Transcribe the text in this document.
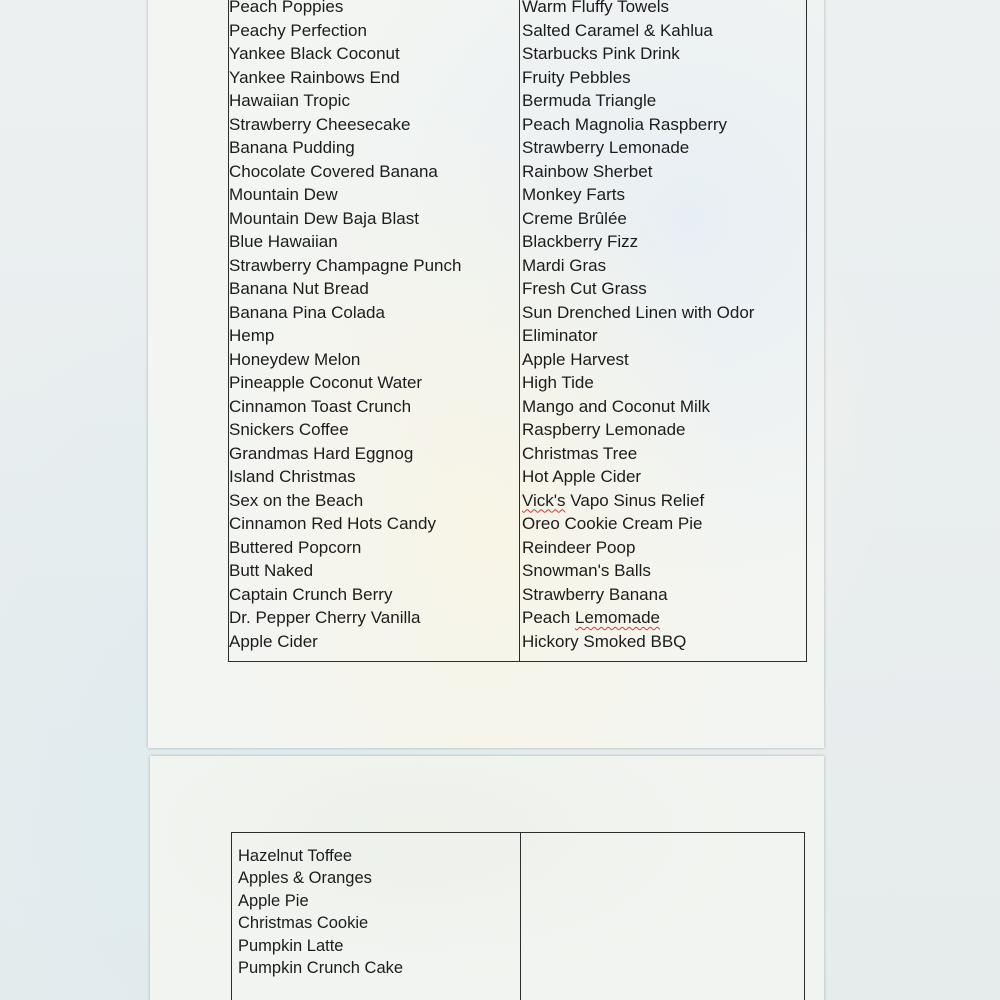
Peach Poppies
Peachy Perfection
Yankee Black Coconut
Yankee Rainbows End
Hawaiian Tropic
Strawberry Cheesecake
Banana Pudding
Chocolate Covered Banana
Mountain Dew
Mountain Dew Baja Blast
Blue Hawaiian
Strawberry Champagne Punch
Banana Nut Bread
Banana Pina Colada
Hemp
Honeydew Melon
Pineapple Coconut Water
Cinnamon Toast Crunch
Snickers Coffee
Grandmas Hard Eggnog
Island Christmas
Sex on the Beach
Cinnamon Red Hots Candy
Buttered Popcorn
Butt Naked
Captain Crunch Berry
Dr. Pepper Cherry Vanilla
Apple Cider
Warm Fluffy Towels
Salted Caramel & Kahlua
Starbucks Pink Drink
Fruity Pebbles
Bermuda Triangle
Peach Magnolia Raspberry
Strawberry Lemonade
Rainbow Sherbet
Monkey Farts
Creme Brûlée
Blackberry Fizz
Mardi Gras
Fresh Cut Grass
Sun Drenched Linen with Odor
Eliminator
Apple Harvest
High Tide
Mango and Coconut Milk
Raspberry Lemonade
Christmas Tree
Hot Apple Cider
Vick's Vapo Sinus Relief
Oreo Cookie Cream Pie
Reindeer Poop
Snowman's Balls
Strawberry Banana
Peach Lemomade
Hickory Smoked BBQ
Hazelnut Toffee
Apples & Oranges
Apple Pie
Christmas Cookie
Pumpkin Latte
Pumpkin Crunch Cake
